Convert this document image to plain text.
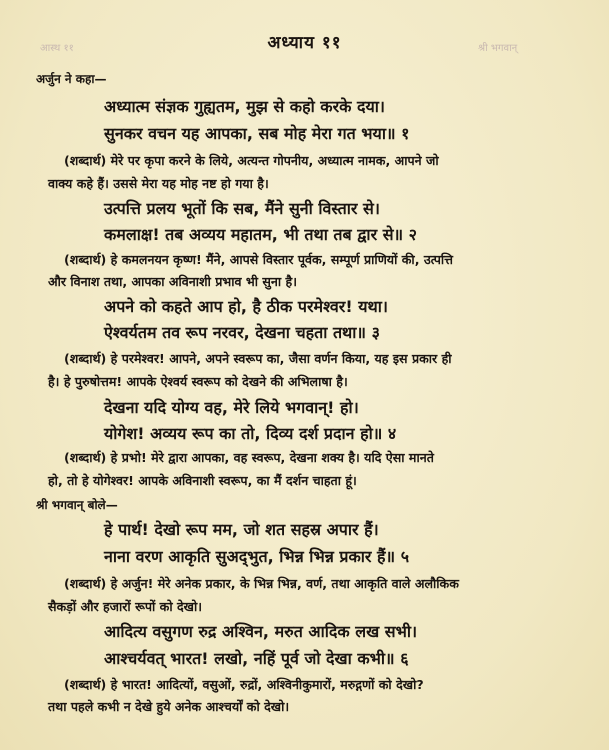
आस्थ ११	श्री भगवान्
अध्याय ११
अर्जुन ने कहा—
अध्यात्म संज्ञक गुह्यतम, मुझ से कहो करके दया।
सुनकर वचन यह आपका, सब मोह मेरा गत भया॥ १
(शब्दार्थ) मेरे पर कृपा करने के लिये, अत्यन्त गोपनीय, अध्यात्म नामक, आपने जो
वाक्य कहे हैं। उससे मेरा यह मोह नष्ट हो गया है।
उत्पत्ति प्रलय भूतों कि सब, मैंने सुनी विस्तार से।
कमलाक्ष! तब अव्यय महातम, भी तथा तब द्वार से॥ २
(शब्दार्थ) हे कमलनयन कृष्ण! मैंने, आपसे विस्तार पूर्वक, सम्पूर्ण प्राणियों की, उत्पत्ति
और विनाश तथा, आपका अविनाशी प्रभाव भी सुना है।
अपने को कहते आप हो, है ठीक परमेश्वर! यथा।
ऐश्वर्यतम तव रूप नरवर, देखना चहता तथा॥ ३
(शब्दार्थ) हे परमेश्वर! आपने, अपने स्वरूप का, जैसा वर्णन किया, यह इस प्रकार ही
है। हे पुरुषोत्तम! आपके ऐश्वर्य स्वरूप को देखने की अभिलाषा है।
देखना यदि योग्य वह, मेरे लिये भगवान्! हो।
योगेश! अव्यय रूप का तो, दिव्य दर्श प्रदान हो॥ ४
(शब्दार्थ) हे प्रभो! मेरे द्वारा आपका, वह स्वरूप, देखना शक्य है। यदि ऐसा मानते
हो, तो हे योगेश्वर! आपके अविनाशी स्वरूप, का मैं दर्शन चाहता हूं।
श्री भगवान् बोले—
हे पार्थ! देखो रूप मम, जो शत सहस्र अपार हैं।
नाना वरण आकृति सुअद्‌भुत, भिन्न भिन्न प्रकार हैं॥ ५
(शब्दार्थ) हे अर्जुन! मेरे अनेक प्रकार, के भिन्न भिन्न, वर्ण, तथा आकृति वाले अलौकिक
सैकड़ों और हजारों रूपों को देखो।
आदित्य वसुगण रुद्र अश्विन, मरुत आदिक लख सभी।
आश्चर्यवत् भारत! लखो, नहिं पूर्व जो देखा कभी॥ ६
(शब्दार्थ) हे भारत! आदित्यों, वसुओं, रुद्रों, अश्विनीकुमारों, मरुद्गणों को देखो?
तथा पहले कभी न देखे हुये अनेक आश्चर्यों को देखो।
